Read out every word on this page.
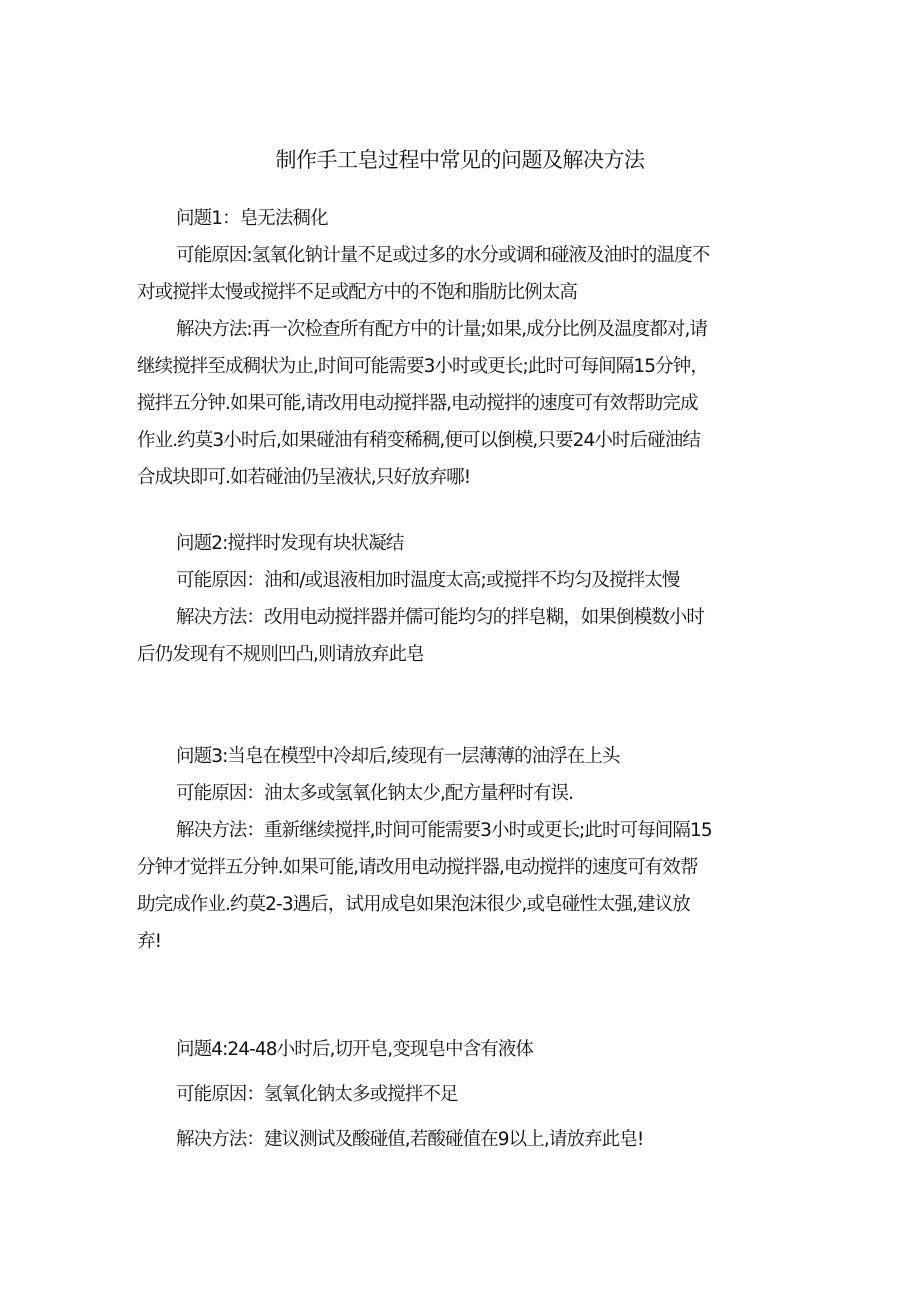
制作手工皂过程中常见的问题及解决方法

问题1：皂无法稠化

可能原因:氢氧化钠计量不足或过多的水分或调和碰液及油时的温度不

对或搅拌太慢或搅拌不足或配方中的不饱和脂肪比例太高

解决方法:再一次检查所有配方中的计量;如果,成分比例及温度都对,请

继续搅拌至成稠状为止,时间可能需要3小时或更长;此时可每间隔15分钟，

搅拌五分钟.如果可能,请改用电动搅拌器,电动搅拌的速度可有效帮助完成

作业.约莫3小时后,如果碰油有稍变稀稠,便可以倒模,只要24小时后碰油结

合成块即可.如若碰油仍呈液状,只好放弃哪!

问题2:搅拌时发现有块状凝结

可能原因：油和/或退液相加时温度太高;或搅拌不均匀及搅拌太慢

解决方法：改用电动搅拌器并儒可能均匀的拌皂糊，如果倒模数小时

后仍发现有不规则凹凸,则请放弃此皂

问题3:当皂在模型中冷却后,绫现有一层薄薄的油浮在上头

可能原因：油太多或氢氧化钠太少,配方量秤时有误.

解决方法：重新继续搅拌,时间可能需要3小时或更长;此时可每间隔15

分钟才觉拌五分钟.如果可能,请改用电动搅拌器,电动搅拌的速度可有效帮

助完成作业.约莫2-3遇后，试用成皂如果泡沫很少,或皂碰性太强,建议放

弃!

问题4:24-48小时后,切开皂,变现皂中含有液体

可能原因：氢氧化钠太多或搅拌不足

解决方法：建议测试及酸碰值,若酸碰值在9以上,请放弃此皂!
